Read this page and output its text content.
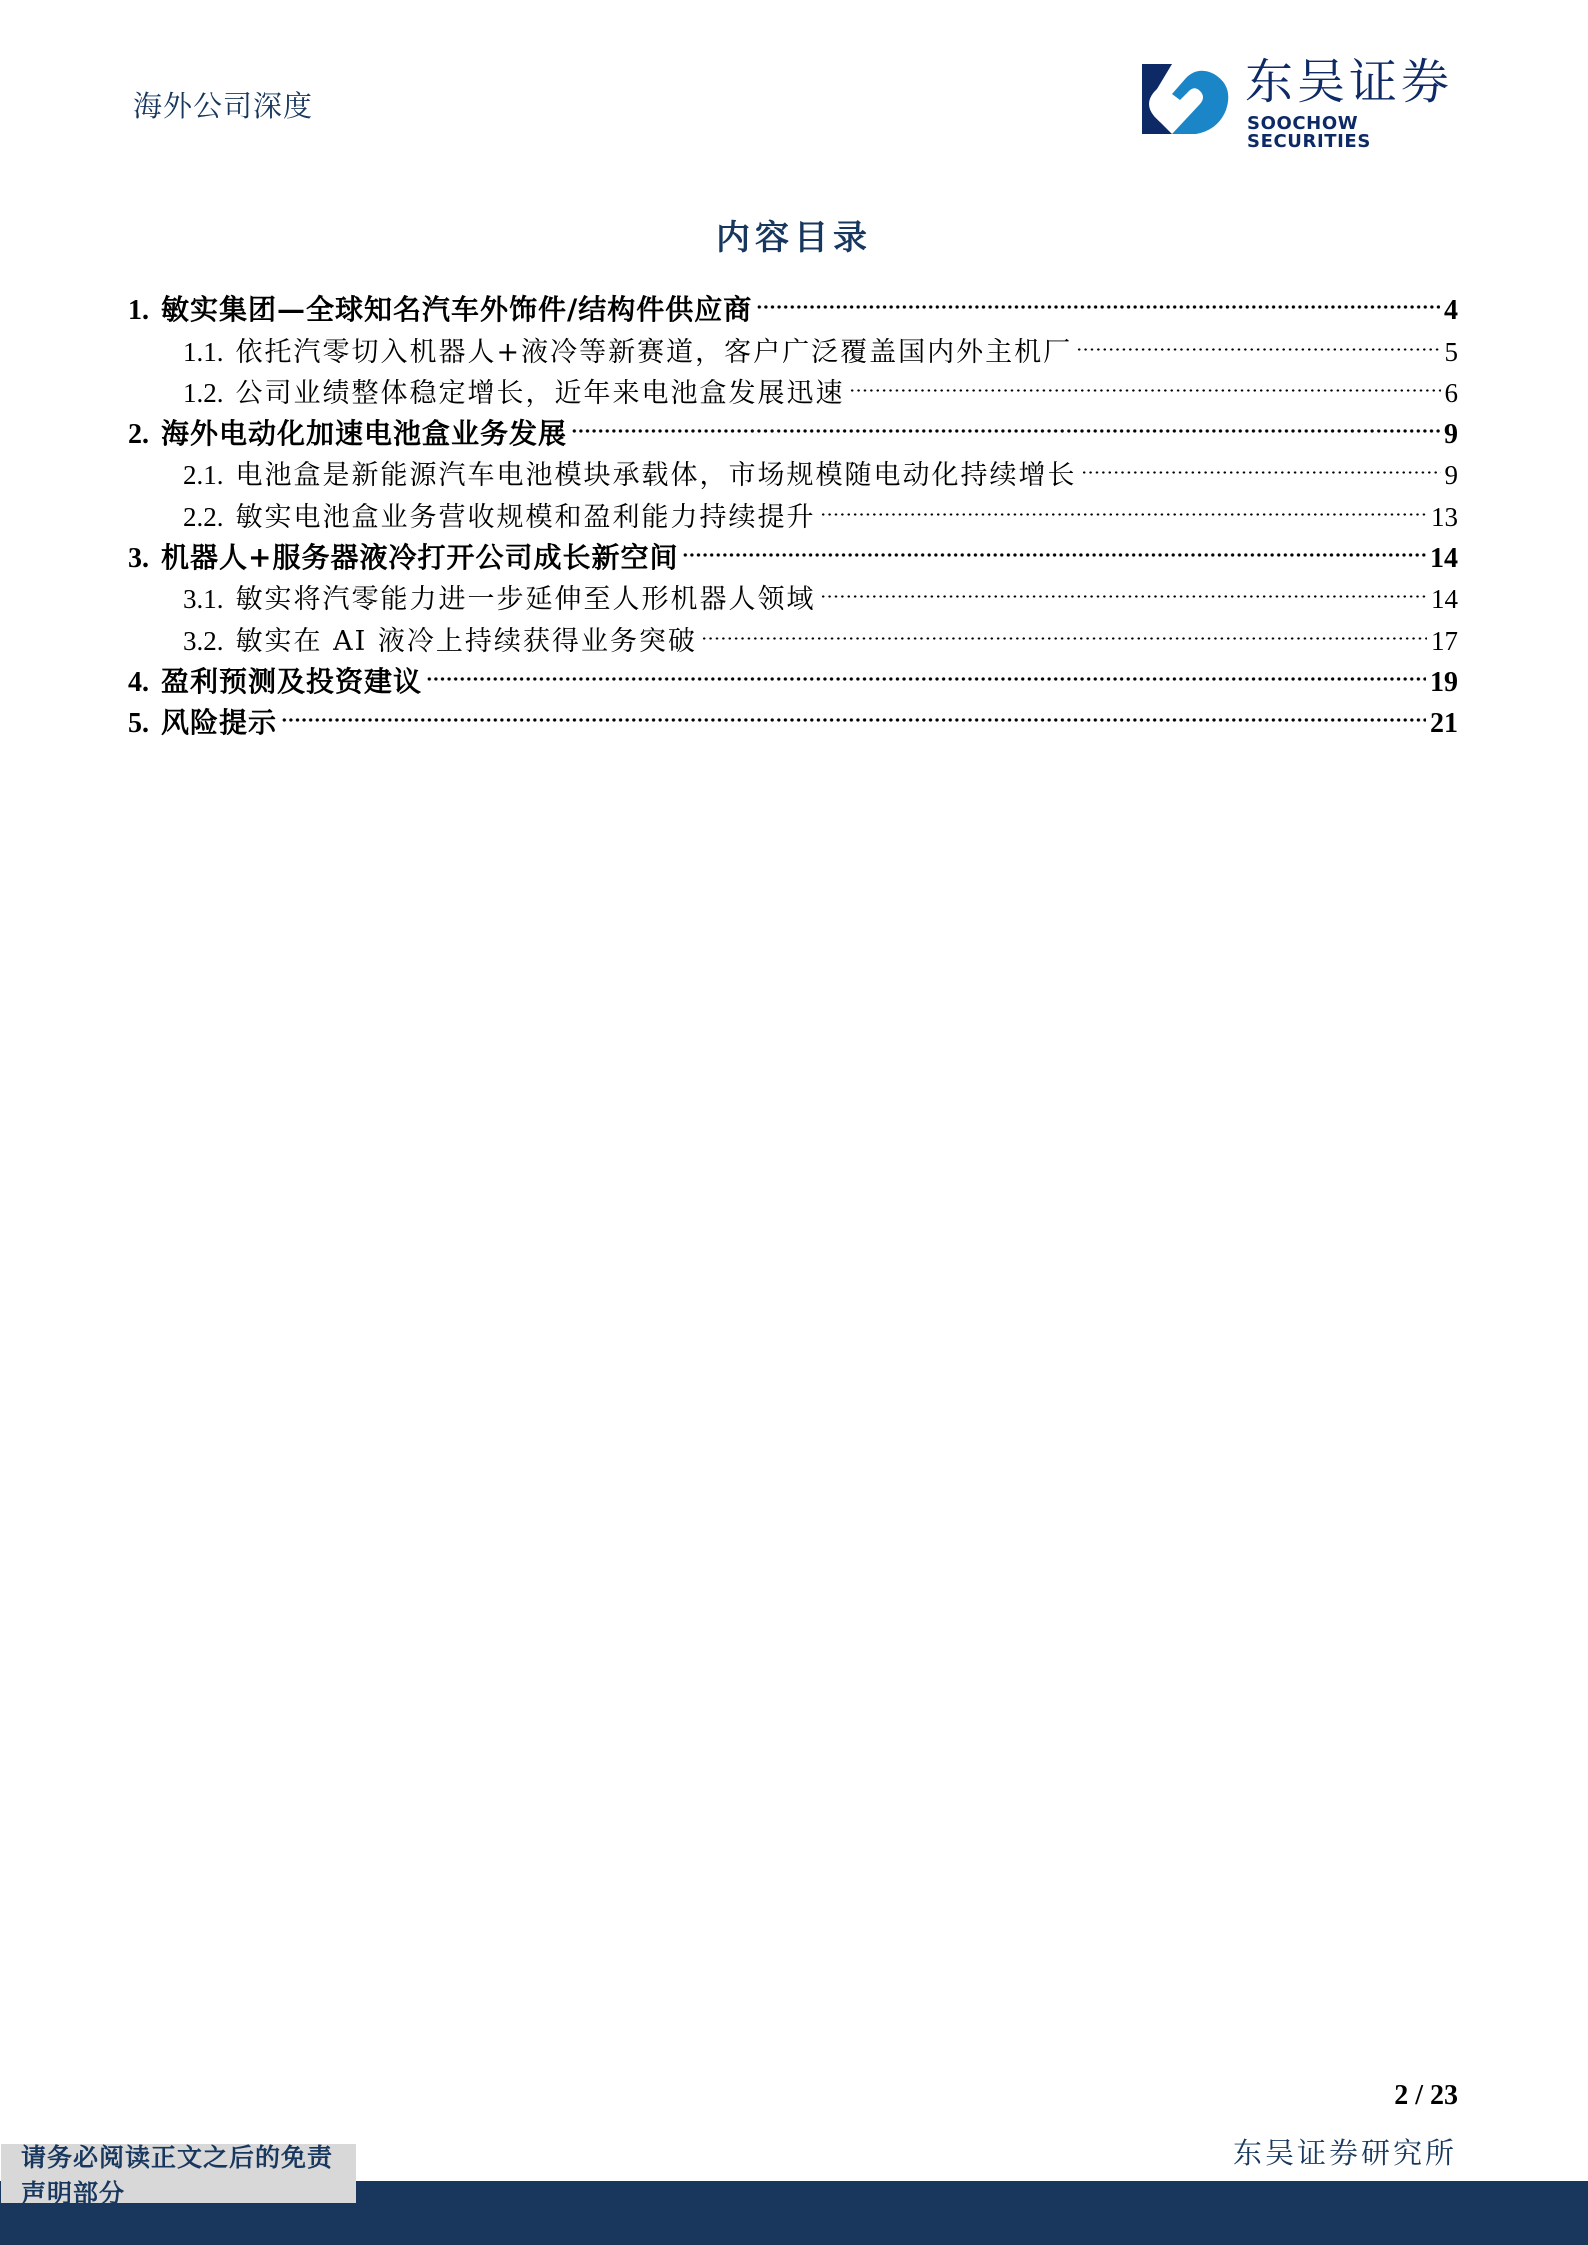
海外公司深度	东吴证券
SOOCHOW SECURITIES
内容目录
1. 敏实集团—全球知名汽车外饰件/结构件供应商	4
1.1. 依托汽零切入机器人+液冷等新赛道，客户广泛覆盖国内外主机厂	5
1.2. 公司业绩整体稳定增长，近年来电池盒发展迅速	6
2. 海外电动化加速电池盒业务发展	9
2.1. 电池盒是新能源汽车电池模块承载体，市场规模随电动化持续增长	9
2.2. 敏实电池盒业务营收规模和盈利能力持续提升	13
3. 机器人+服务器液冷打开公司成长新空间	14
3.1. 敏实将汽零能力进一步延伸至人形机器人领域	14
3.2. 敏实在 AI 液冷上持续获得业务突破	17
4. 盈利预测及投资建议	19
5. 风险提示	21
2 / 23
东吴证券研究所
请务必阅读正文之后的免责声明部分
